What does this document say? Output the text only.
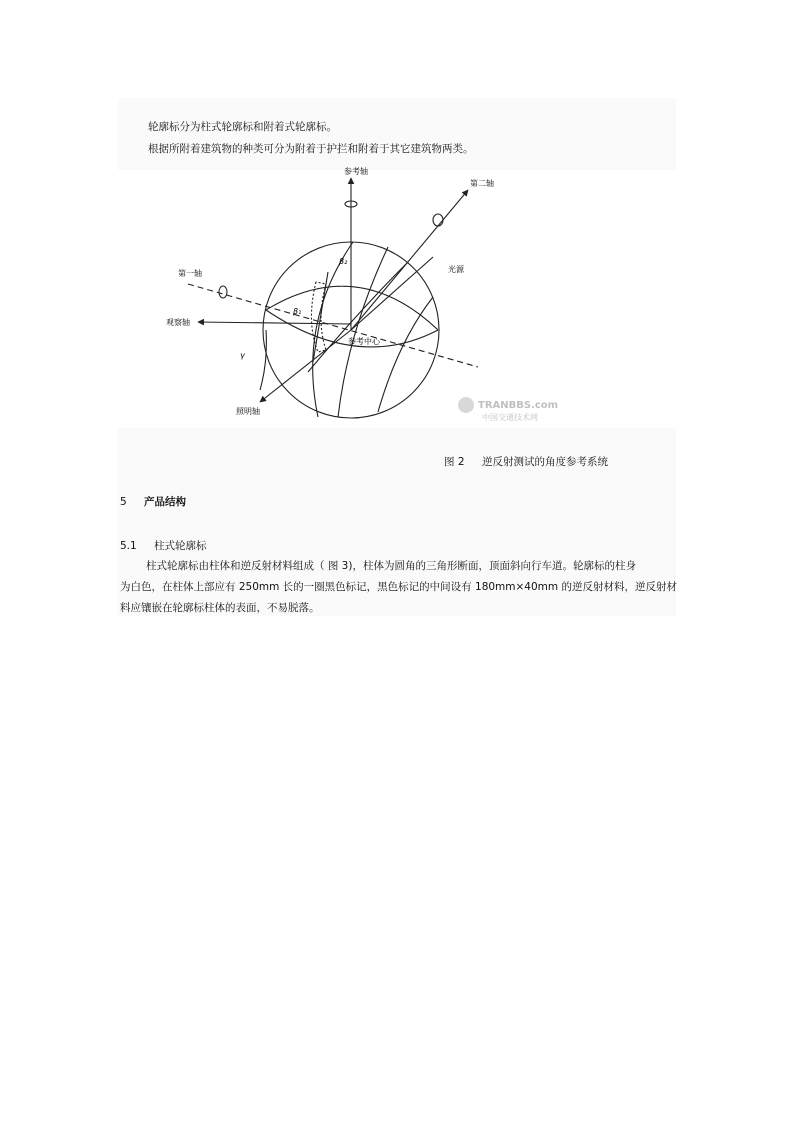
轮廓标分为柱式轮廓标和附着式轮廓标。
根据所附着建筑物的种类可分为附着于护拦和附着于其它建筑物两类。
参考轴
第二轴
第一轴
观察轴
照明轴
光源
参考中心
β₂
β₁
γ
TRANBBS.com
中国交通技术网
图 2 逆反射测试的角度参考系统
5 产品结构
5.1 柱式轮廓标
柱式轮廓标由柱体和逆反射材料组成（ 图 3)，柱体为圆角的三角形断面，顶面斜向行车道。轮廓标的柱身
为白色，在柱体上部应有 250mm 长的一圈黑色标记，黑色标记的中间设有 180mm×40mm 的逆反射材料，逆反射材
料应镶嵌在轮廓标柱体的表面，不易脱落。
